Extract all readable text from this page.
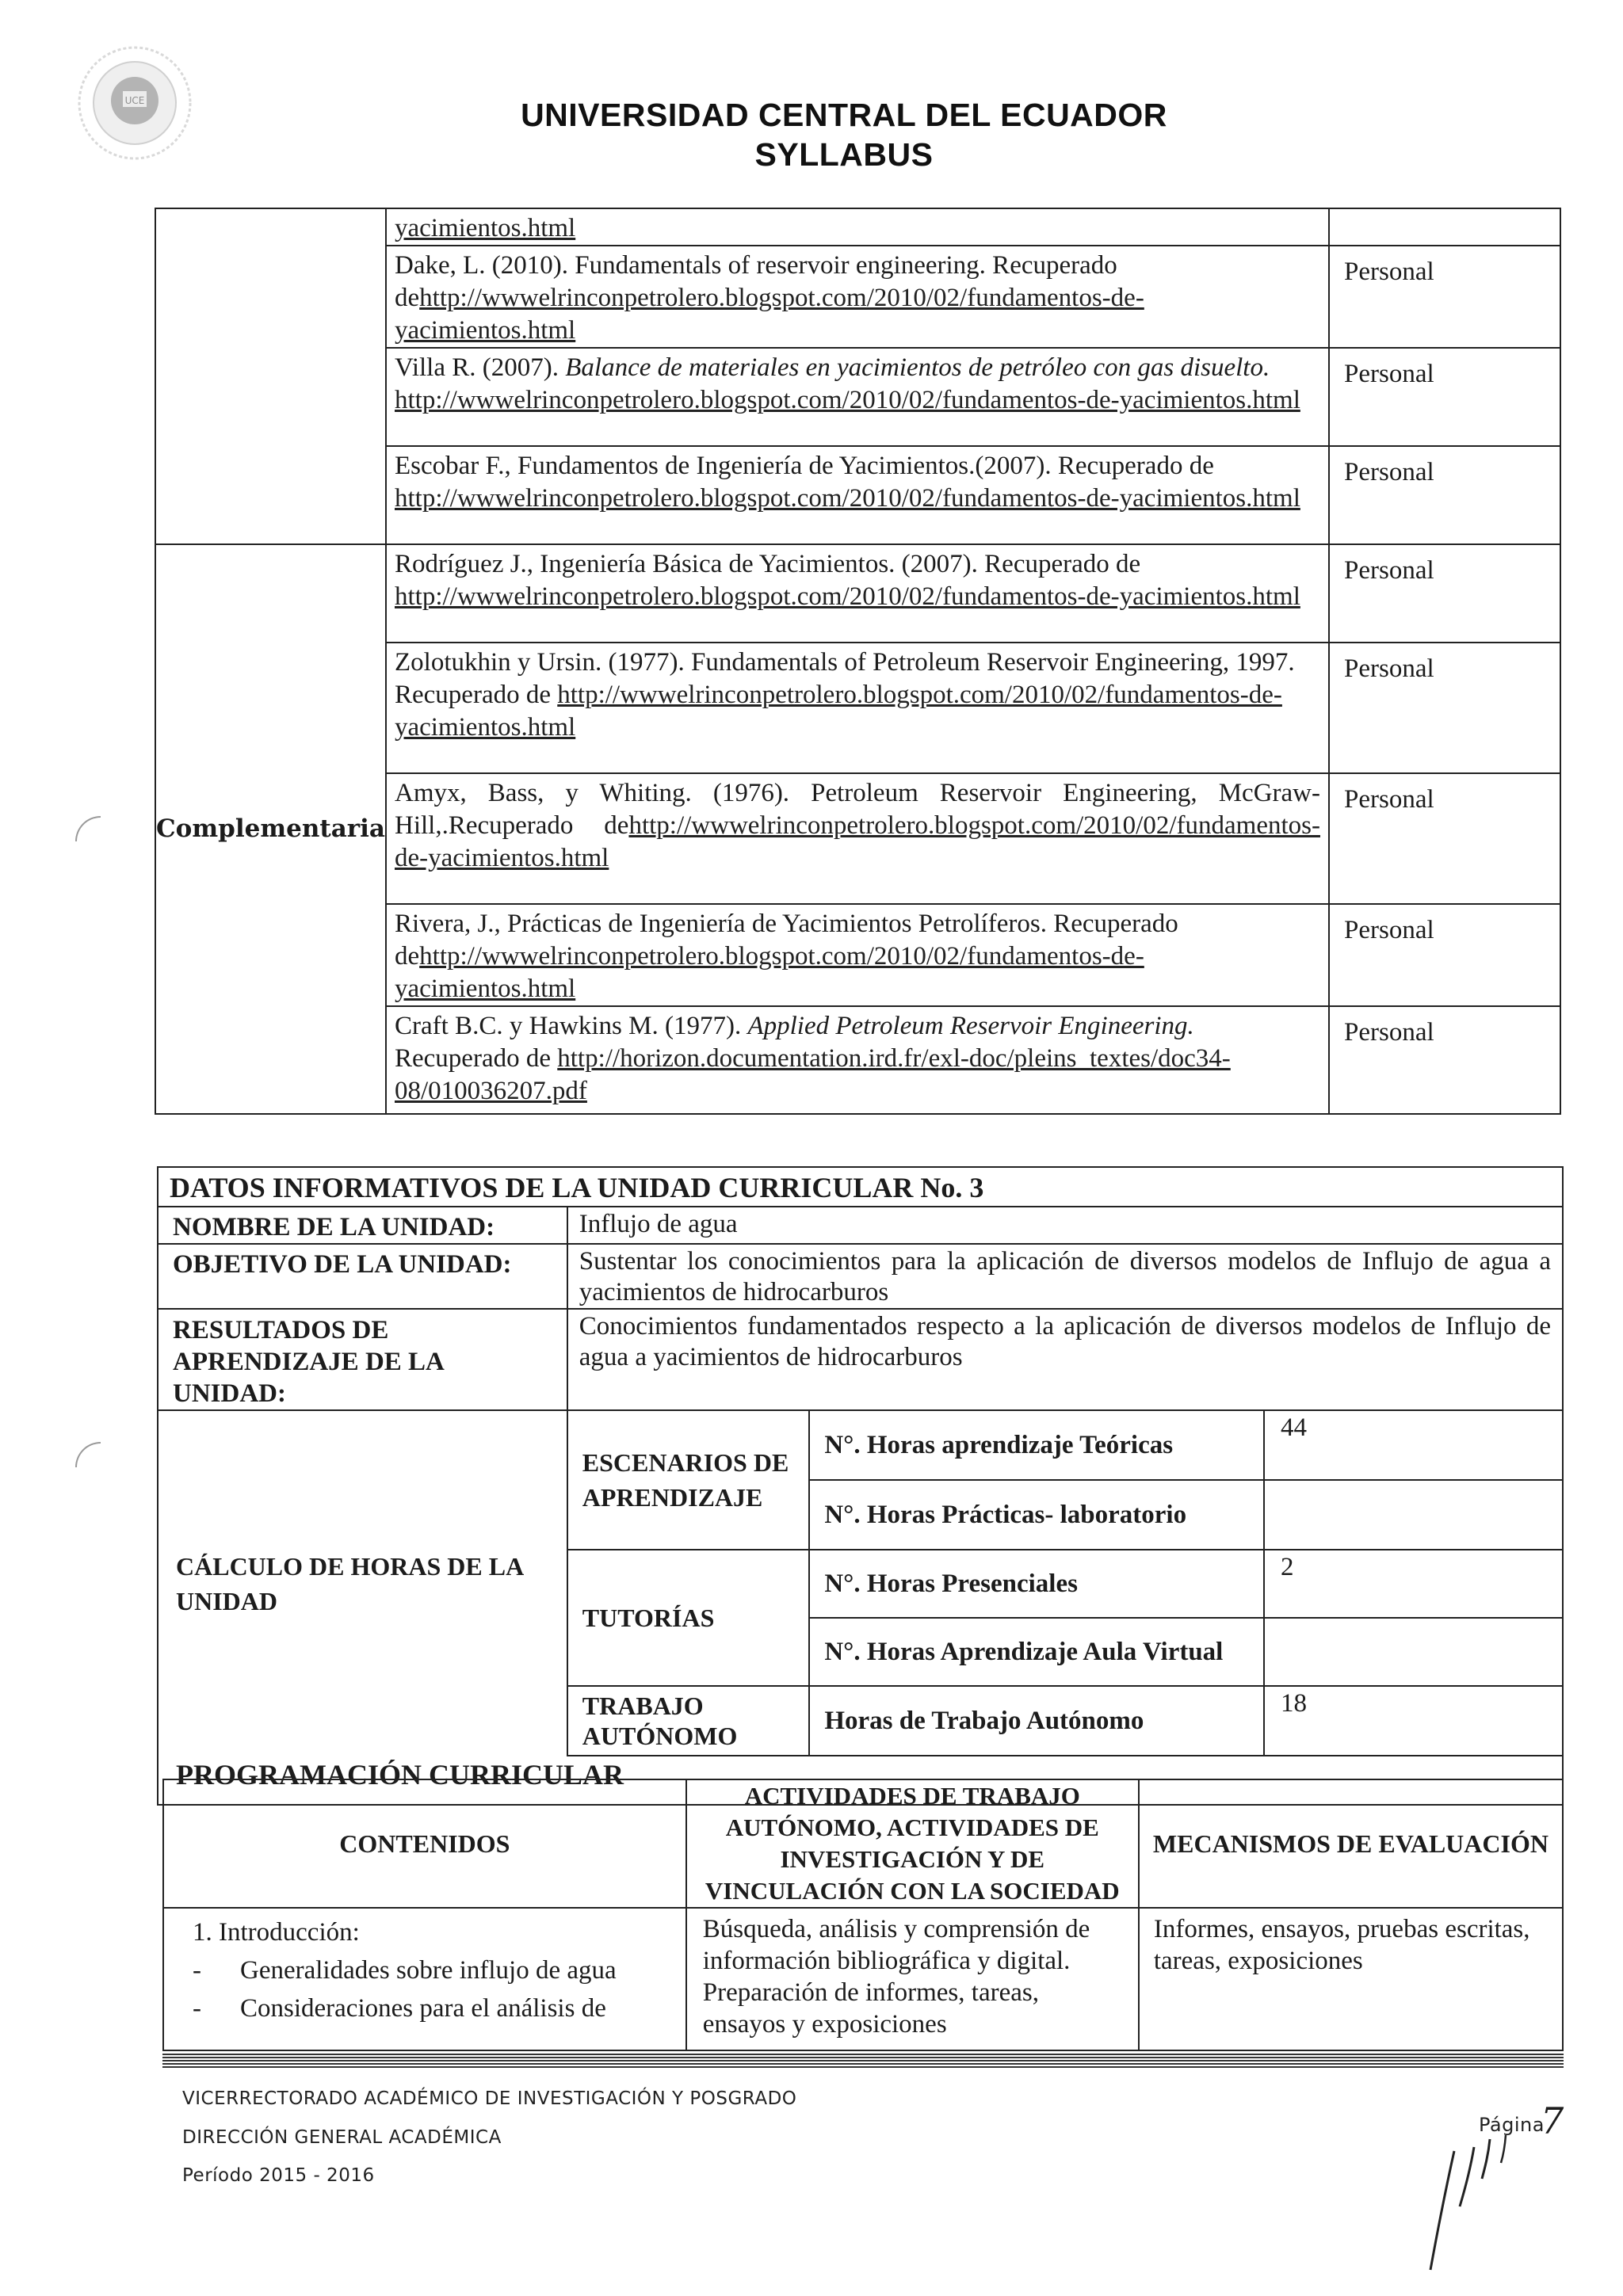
UCE	UNIVERSIDAD CENTRAL DEL ECUADOR
SYLLABUS
	yacimientos.html	
	Dake, L. (2010). Fundamentals of reservoir engineering. Recuperado dehttp://wwwelrinconpetrolero.blogspot.com/2010/02/fundamentos-de-yacimientos.html	Personal
	Villa R. (2007). Balance de materiales en yacimientos de petróleo con gas disuelto. http://wwwelrinconpetrolero.blogspot.com/2010/02/fundamentos-de-yacimientos.html	Personal
	Escobar F., Fundamentos de Ingeniería de Yacimientos.(2007). Recuperado de http://wwwelrinconpetrolero.blogspot.com/2010/02/fundamentos-de-yacimientos.html	Personal
Complementaria	Rodríguez J., Ingeniería Básica de Yacimientos. (2007). Recuperado de http://wwwelrinconpetrolero.blogspot.com/2010/02/fundamentos-de-yacimientos.html	Personal
	Zolotukhin y Ursin. (1977). Fundamentals of Petroleum Reservoir Engineering, 1997. Recuperado de http://wwwelrinconpetrolero.blogspot.com/2010/02/fundamentos-de-yacimientos.html	Personal
	Amyx, Bass, y Whiting. (1976). Petroleum Reservoir Engineering, McGraw-Hill,.Recuperado dehttp://wwwelrinconpetrolero.blogspot.com/2010/02/fundamentos-de-yacimientos.html	Personal
	Rivera, J., Prácticas de Ingeniería de Yacimientos Petrolíferos. Recuperado dehttp://wwwelrinconpetrolero.blogspot.com/2010/02/fundamentos-de-yacimientos.html	Personal
	Craft B.C. y Hawkins M. (1977). Applied Petroleum Reservoir Engineering. Recuperado de http://horizon.documentation.ird.fr/exl-doc/pleins_textes/doc34-08/010036207.pdf	Personal
DATOS INFORMATIVOS DE LA UNIDAD CURRICULAR No. 3			
NOMBRE DE LA UNIDAD:	Influjo de agua		
OBJETIVO DE LA UNIDAD:	Sustentar los conocimientos para la aplicación de diversos modelos de Influjo de agua a yacimientos de hidrocarburos		
RESULTADOS DE APRENDIZAJE DE LA UNIDAD:	Conocimientos fundamentados respecto a la aplicación de diversos modelos de Influjo de agua a yacimientos de hidrocarburos		
CÁLCULO DE HORAS DE LA UNIDAD	ESCENARIOS DE APRENDIZAJE	N°. Horas aprendizaje Teóricas	44
		N°. Horas Prácticas- laboratorio	
	TUTORÍAS	N°. Horas Presenciales	2
		N°. Horas Aprendizaje Aula Virtual	
	TRABAJO AUTÓNOMO	Horas de Trabajo Autónomo	18
PROGRAMACIÓN CURRICULAR			
CONTENIDOS	ACTIVIDADES DE TRABAJO AUTÓNOMO, ACTIVIDADES DE INVESTIGACIÓN Y DE VINCULACIÓN CON LA SOCIEDAD	MECANISMOS DE EVALUACIÓN

1. Introducción:
- Generalidades sobre influjo de agua
- Consideraciones para el análisis de	Búsqueda, análisis y comprensión de información bibliográfica y digital. Preparación de informes, tareas, ensayos y exposiciones	Informes, ensayos, pruebas escritas, tareas, exposiciones
VICERRECTORADO ACADÉMICO DE INVESTIGACIÓN Y POSGRADO
DIRECCIÓN GENERAL ACADÉMICA
Período 2015 - 2016
Página
7
